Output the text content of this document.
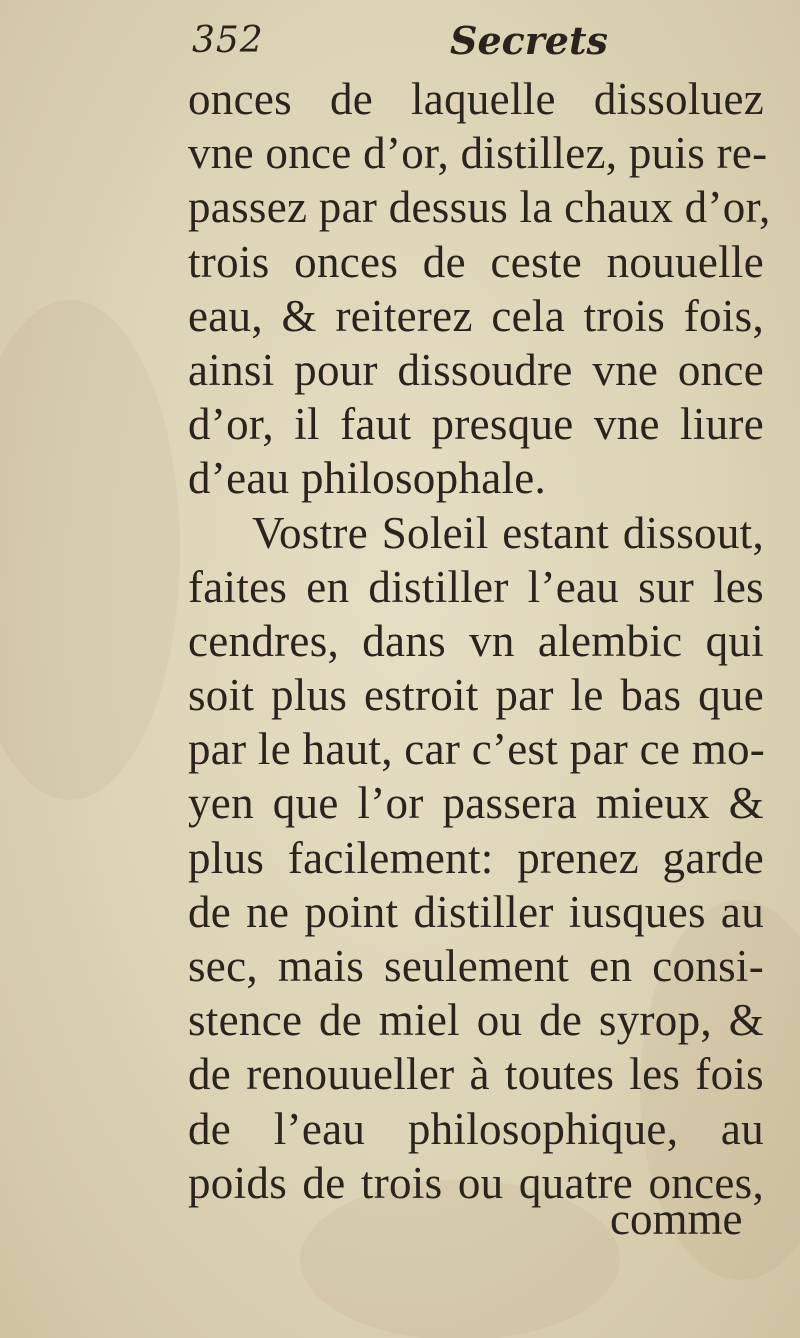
352	Secrets
onces de laquelle dissoluez
vne once d’or, distillez, puis re-
passez par dessus la chaux d’or,
trois onces de ceste nouuelle
eau, & reiterez cela trois fois,
ainsi pour dissoudre vne once
d’or, il faut presque vne liure
d’eau philosophale.
Vostre Soleil estant dissout,
faites en distiller l’eau sur les
cendres, dans vn alembic qui
soit plus estroit par le bas que
par le haut, car c’est par ce mo-
yen que l’or passera mieux &
plus facilement: prenez garde
de ne point distiller iusques au
sec, mais seulement en consi-
stence de miel ou de syrop, &
de renouueller à toutes les fois
de l’eau philosophique, au
poids de trois ou quatre onces,
comme
